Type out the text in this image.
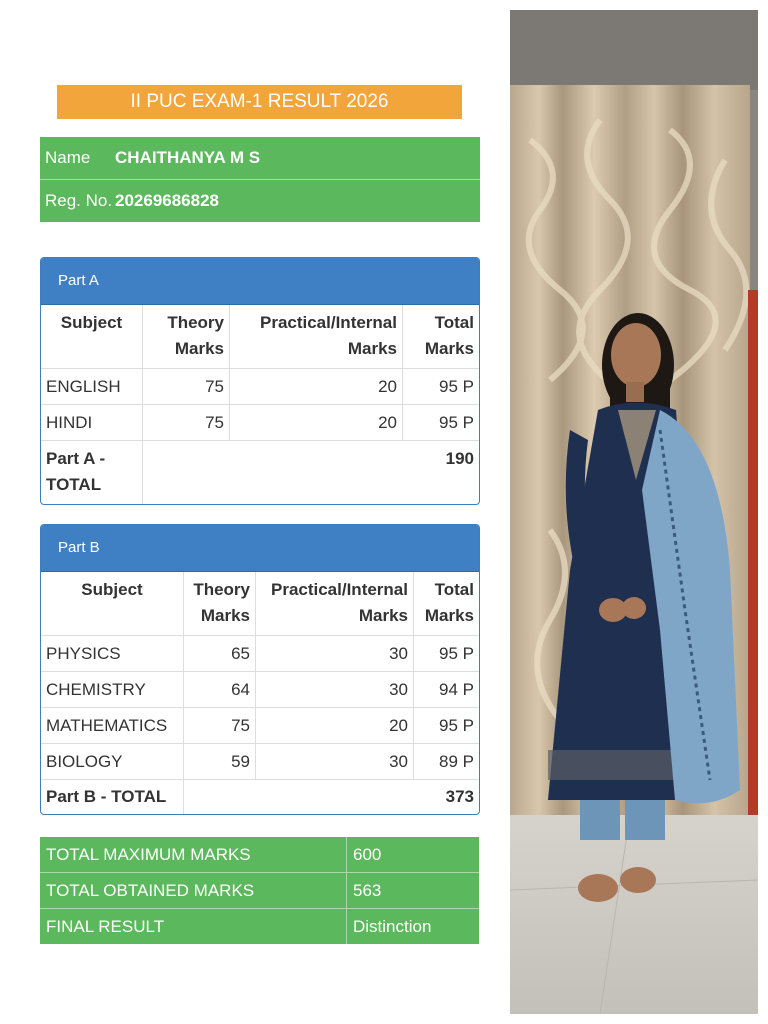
II PUC EXAM-1 RESULT 2026
Name	CHAITHANYA M S
Reg. No. 20269686828
Part A
Subject	Theory Marks	Practical/Internal Marks	Total Marks
ENGLISH	75	20	95 P
HINDI	75	20	95 P
Part A - TOTAL	190		
Part B
Subject	Theory Marks	Practical/Internal Marks	Total Marks
PHYSICS	65	30	95 P
CHEMISTRY	64	30	94 P
MATHEMATICS	75	20	95 P
BIOLOGY	59	30	89 P
Part B - TOTAL	373		
TOTAL MAXIMUM MARKS	600
TOTAL OBTAINED MARKS	563
FINAL RESULT	Distinction
